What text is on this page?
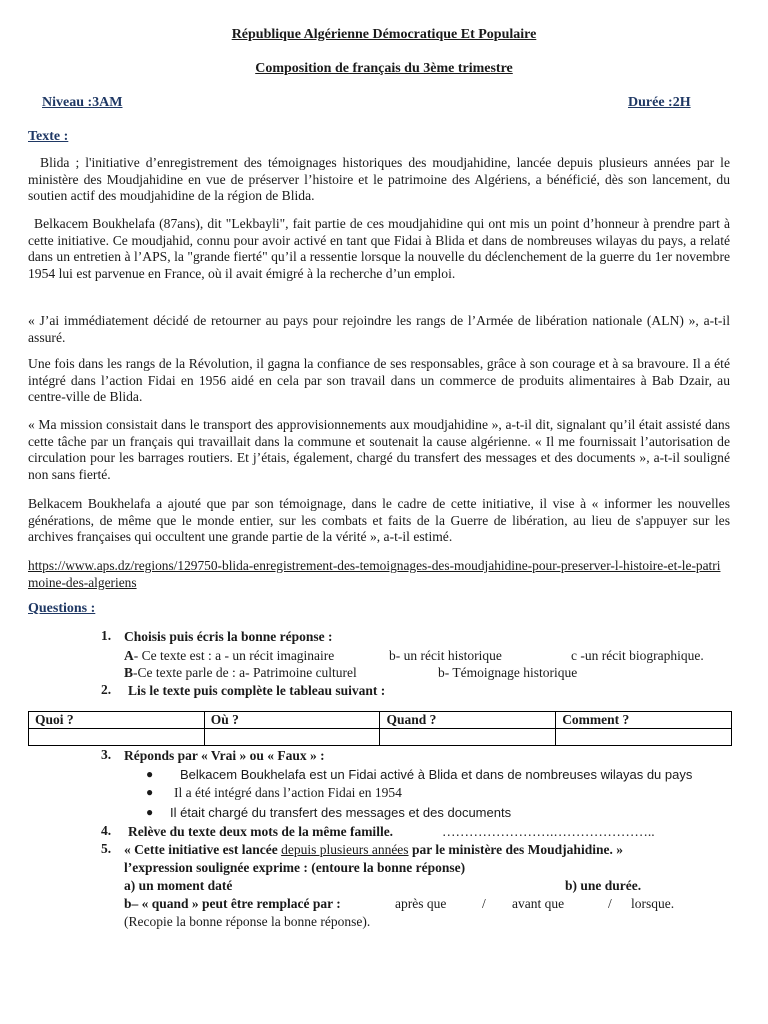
République Algérienne Démocratique Et Populaire
Composition de français du 3ème trimestre
Niveau :3AM	Durée :2H
Texte :
Blida ; l'initiative d’enregistrement des témoignages historiques des moudjahidine, lancée depuis plusieurs années par le ministère des Moudjahidine en vue de préserver l’histoire et le patrimoine des Algériens, a bénéficié, dès son lancement, du soutien actif des moudjahidine de la région de Blida.
Belkacem Boukhelafa (87ans), dit "Lekbayli", fait partie de ces moudjahidine qui ont mis un point d’honneur à prendre part à cette initiative. Ce moudjahid, connu pour avoir activé en tant que Fidai à Blida et dans de nombreuses wilayas du pays, a relaté dans un entretien à l’APS, la "grande fierté" qu’il a ressentie lorsque la nouvelle du déclenchement de la guerre du 1er novembre 1954 lui est parvenue en France, où il avait émigré à la recherche d’un emploi.
« J’ai immédiatement décidé de retourner au pays pour rejoindre les rangs de l’Armée de libération nationale (ALN) », a-t-il assuré.
Une fois dans les rangs de la Révolution, il gagna la confiance de ses responsables, grâce à son courage et à sa bravoure. Il a été intégré dans l’action Fidai en 1956 aidé en cela par son travail dans un commerce de produits alimentaires à Bab Dzair, au centre-ville de Blida.
« Ma mission consistait dans le transport des approvisionnements aux moudjahidine », a-t-il dit, signalant qu’il était assisté dans cette tâche par un français qui travaillait dans la commune et soutenait la cause algérienne. « Il me fournissait l’autorisation de circulation pour les barrages routiers. Et j’étais, également, chargé du transfert des messages et des documents », a-t-il souligné non sans fierté.
Belkacem Boukhelafa a ajouté que par son témoignage, dans le cadre de cette initiative, il vise à « informer les nouvelles générations, de même que le monde entier, sur les combats et faits de la Guerre de libération, au lieu de s'appuyer sur les archives françaises qui occultent une grande partie de la vérité », a-t-il estimé.
https://www.aps.dz/regions/129750-blida-enregistrement-des-temoignages-des-moudjahidine-pour-preserver-l-histoire-et-le-patrimoine-des-algeriens
Questions :
1. Choisis puis écris la bonne réponse :
A- Ce texte est : a - un récit imaginaire	b- un récit historique	c -un récit biographique.
B-Ce texte parle de : a- Patrimoine culturel	b- Témoignage historique
2. Lis le texte puis complète le tableau suivant :
Quoi ?	Où ?	Quand ?	Comment ?

3. Réponds par « Vrai » ou « Faux » :
● Belkacem Boukhelafa est un Fidai activé à Blida et dans de nombreuses wilayas du pays
● Il a été intégré dans l’action Fidai en 1954
● Il était chargé du transfert des messages et des documents
4. Relève du texte deux mots de la même famille.	…………………….…………………..
5. « Cette initiative est lancée depuis plusieurs années par le ministère des Moudjahidine. »
l’expression soulignée exprime : (entoure la bonne réponse)
a) un moment daté	b) une durée.
b– « quand » peut être remplacé par :	après que	/ avant que	/ lorsque.
(Recopie la bonne réponse la bonne réponse).
